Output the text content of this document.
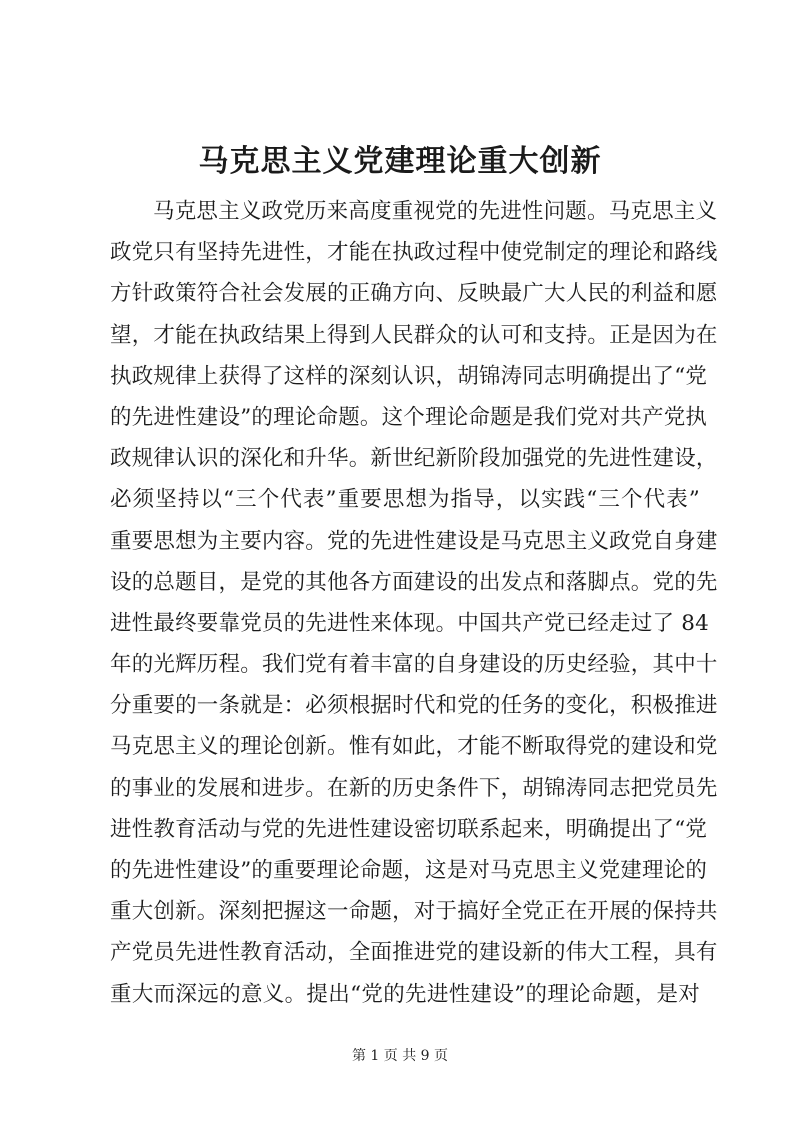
马克思主义党建理论重大创新
马克思主义政党历来高度重视党的先进性问题。马克思主义
政党只有坚持先进性，才能在执政过程中使党制定的理论和路线
方针政策符合社会发展的正确方向、反映最广大人民的利益和愿
望，才能在执政结果上得到人民群众的认可和支持。正是因为在
执政规律上获得了这样的深刻认识，胡锦涛同志明确提出了“党
的先进性建设”的理论命题。这个理论命题是我们党对共产党执
政规律认识的深化和升华。新世纪新阶段加强党的先进性建设，
必须坚持以“三个代表”重要思想为指导，以实践“三个代表”
重要思想为主要内容。党的先进性建设是马克思主义政党自身建
设的总题目，是党的其他各方面建设的出发点和落脚点。党的先
进性最终要靠党员的先进性来体现。中国共产党已经走过了 84
年的光辉历程。我们党有着丰富的自身建设的历史经验，其中十
分重要的一条就是：必须根据时代和党的任务的变化，积极推进
马克思主义的理论创新。惟有如此，才能不断取得党的建设和党
的事业的发展和进步。在新的历史条件下，胡锦涛同志把党员先
进性教育活动与党的先进性建设密切联系起来，明确提出了“党
的先进性建设”的重要理论命题，这是对马克思主义党建理论的
重大创新。深刻把握这一命题，对于搞好全党正在开展的保持共
产党员先进性教育活动，全面推进党的建设新的伟大工程，具有
重大而深远的意义。提出“党的先进性建设”的理论命题，是对
第 1 页 共 9 页
